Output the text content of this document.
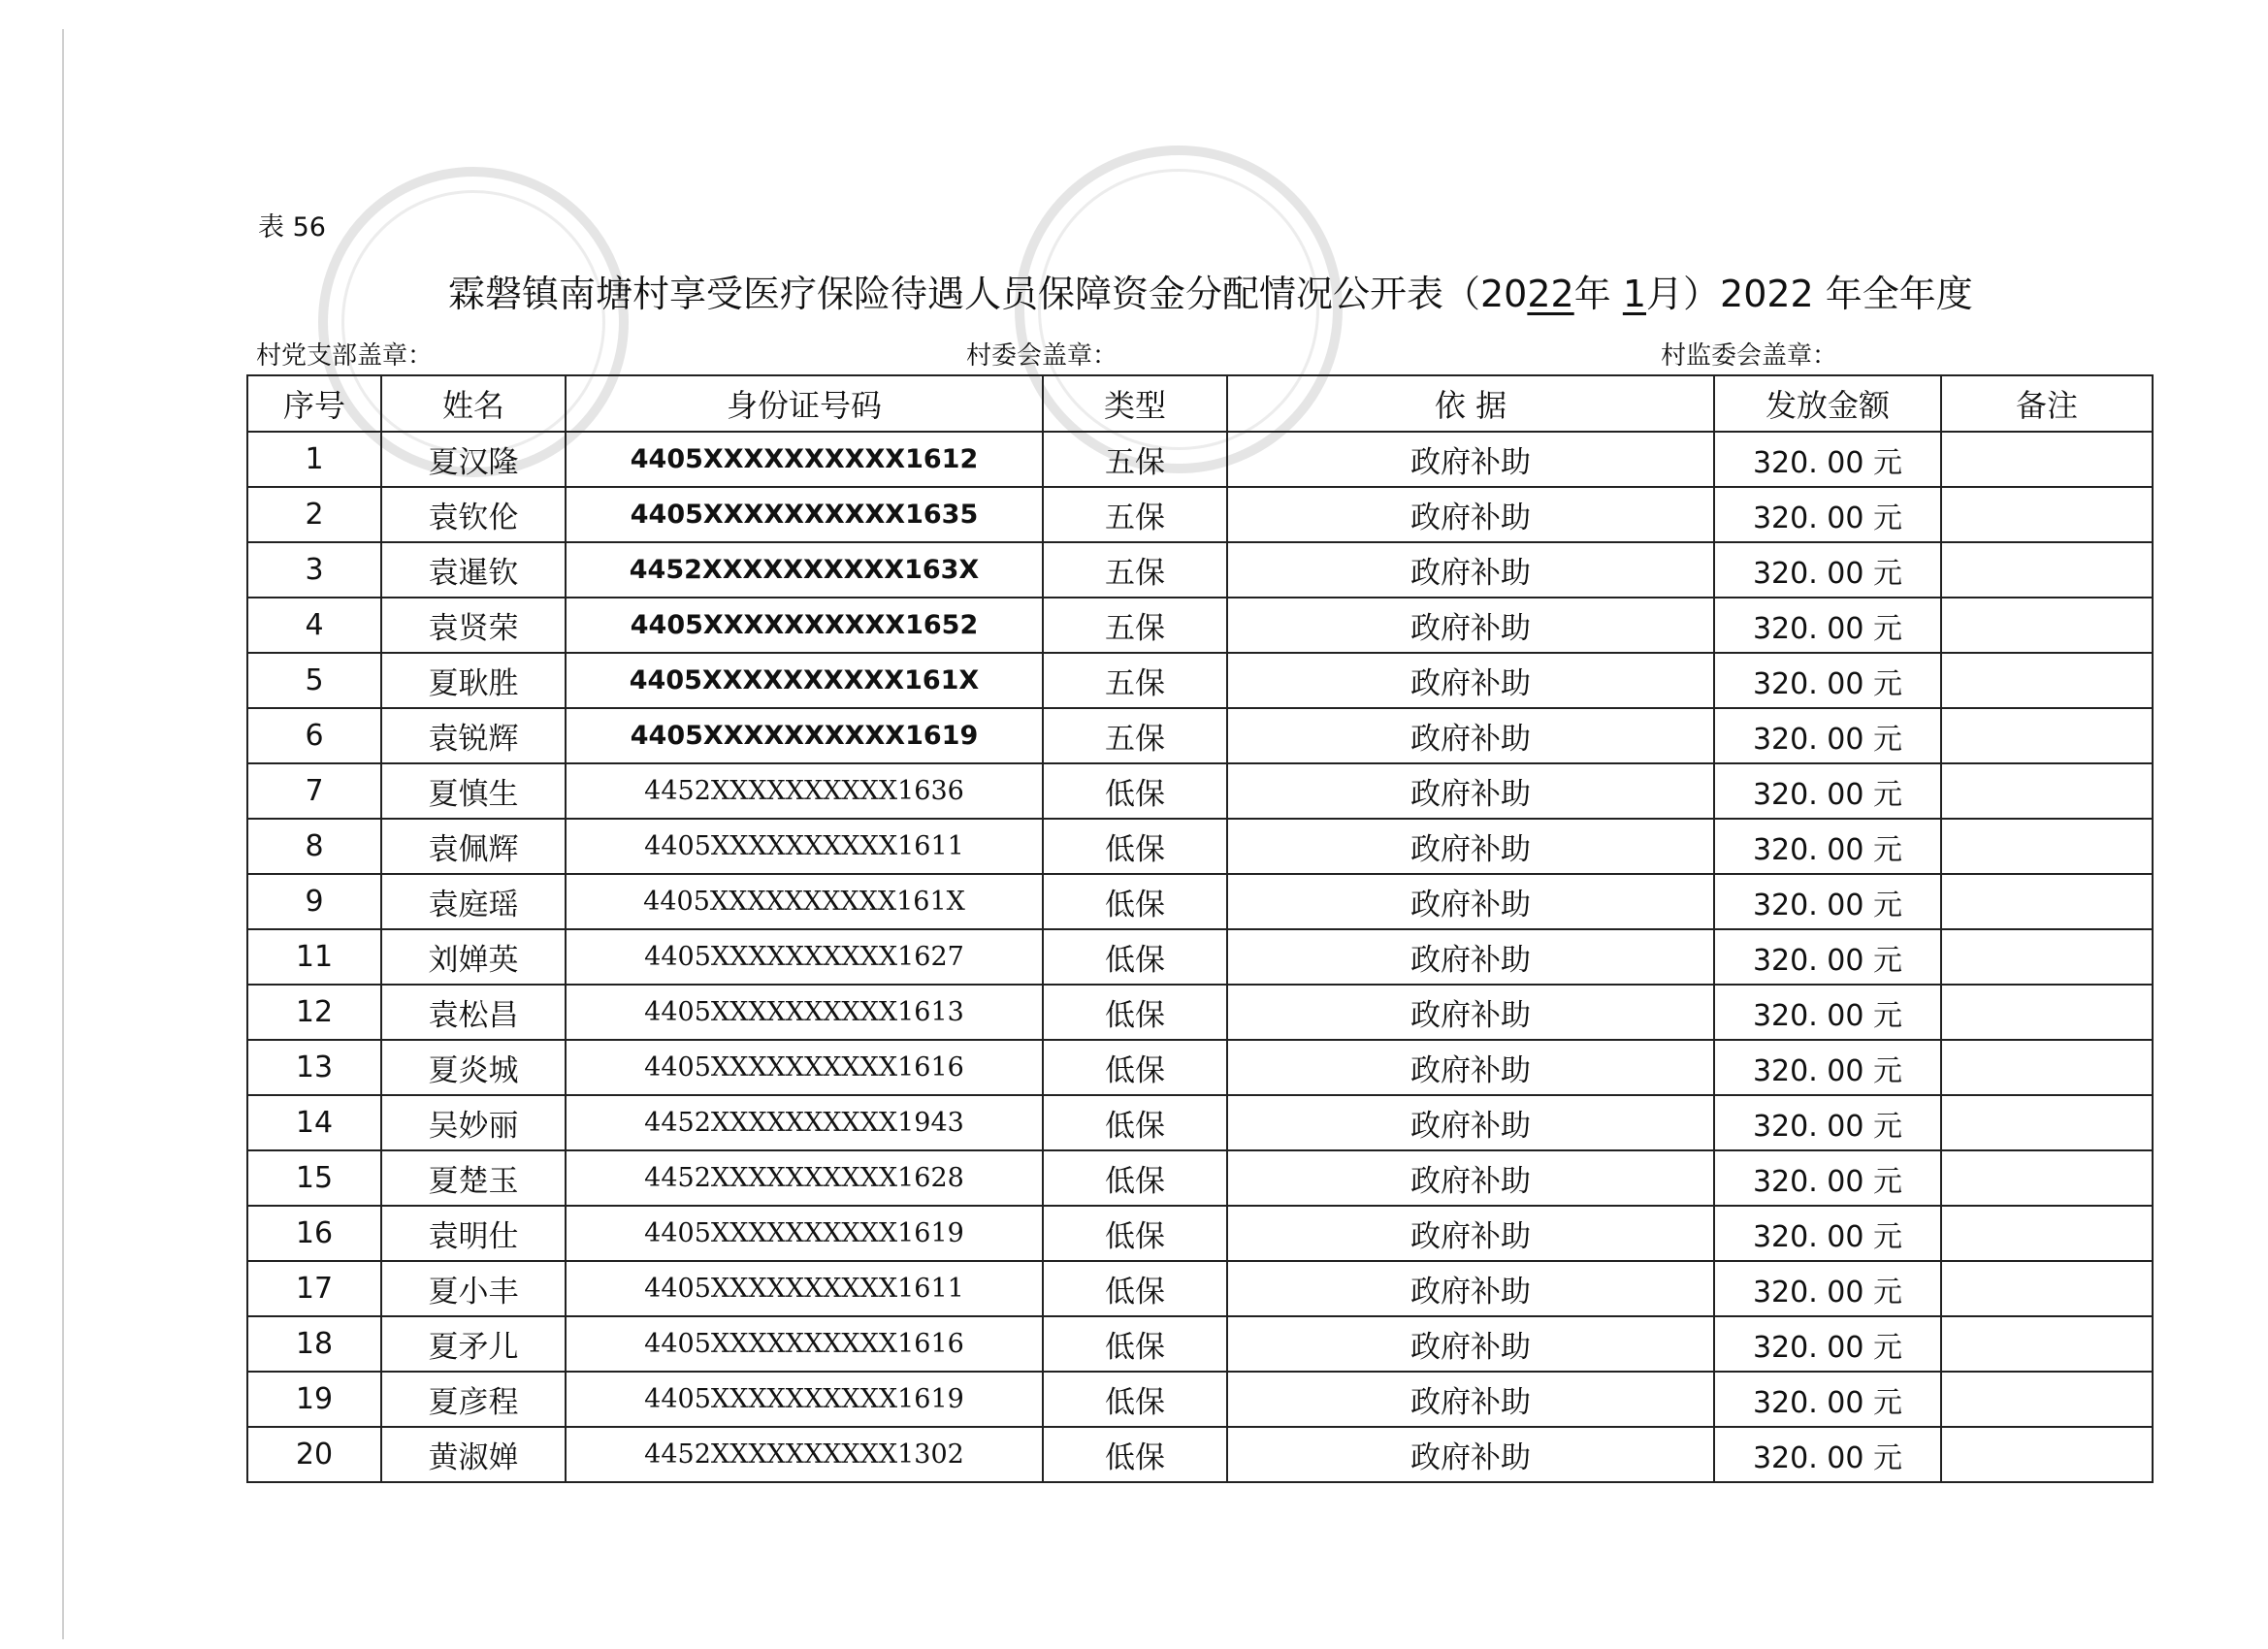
表 56
霖磐镇南塘村享受医疗保险待遇人员保障资金分配情况公开表（2022年 1月）2022 年全年度
村党支部盖章：	村委会盖章：	村监委会盖章：
序号	姓名	身份证号码	类型	依 据	发放金额	备注
1	夏汉隆	4405XXXXXXXXXX1612	五保	政府补助	320. 00 元	
2	袁钦伦	4405XXXXXXXXXX1635	五保	政府补助	320. 00 元	
3	袁暹钦	4452XXXXXXXXXX163X	五保	政府补助	320. 00 元	
4	袁贤荣	4405XXXXXXXXXX1652	五保	政府补助	320. 00 元	
5	夏耿胜	4405XXXXXXXXXX161X	五保	政府补助	320. 00 元	
6	袁锐辉	4405XXXXXXXXXX1619	五保	政府补助	320. 00 元	
7	夏慎生	4452XXXXXXXXXX1636	低保	政府补助	320. 00 元	
8	袁佩辉	4405XXXXXXXXXX1611	低保	政府补助	320. 00 元	
9	袁庭瑶	4405XXXXXXXXXX161X	低保	政府补助	320. 00 元	
11	刘婵英	4405XXXXXXXXXX1627	低保	政府补助	320. 00 元	
12	袁松昌	4405XXXXXXXXXX1613	低保	政府补助	320. 00 元	
13	夏炎城	4405XXXXXXXXXX1616	低保	政府补助	320. 00 元	
14	吴妙丽	4452XXXXXXXXXX1943	低保	政府补助	320. 00 元	
15	夏楚玉	4452XXXXXXXXXX1628	低保	政府补助	320. 00 元	
16	袁明仕	4405XXXXXXXXXX1619	低保	政府补助	320. 00 元	
17	夏小丰	4405XXXXXXXXXX1611	低保	政府补助	320. 00 元	
18	夏矛儿	4405XXXXXXXXXX1616	低保	政府补助	320. 00 元	
19	夏彦程	4405XXXXXXXXXX1619	低保	政府补助	320. 00 元	
20	黄淑婵	4452XXXXXXXXXX1302	低保	政府补助	320. 00 元	
